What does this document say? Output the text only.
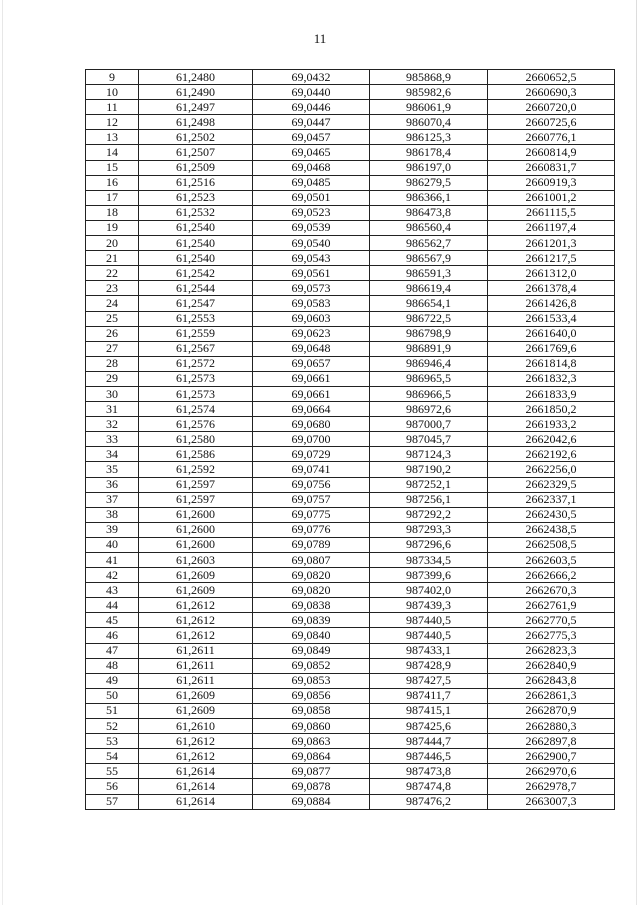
11
9	61,2480	69,0432	985868,9	2660652,5
10	61,2490	69,0440	985982,6	2660690,3
11	61,2497	69,0446	986061,9	2660720,0
12	61,2498	69,0447	986070,4	2660725,6
13	61,2502	69,0457	986125,3	2660776,1
14	61,2507	69,0465	986178,4	2660814,9
15	61,2509	69,0468	986197,0	2660831,7
16	61,2516	69,0485	986279,5	2660919,3
17	61,2523	69,0501	986366,1	2661001,2
18	61,2532	69,0523	986473,8	2661115,5
19	61,2540	69,0539	986560,4	2661197,4
20	61,2540	69,0540	986562,7	2661201,3
21	61,2540	69,0543	986567,9	2661217,5
22	61,2542	69,0561	986591,3	2661312,0
23	61,2544	69,0573	986619,4	2661378,4
24	61,2547	69,0583	986654,1	2661426,8
25	61,2553	69,0603	986722,5	2661533,4
26	61,2559	69,0623	986798,9	2661640,0
27	61,2567	69,0648	986891,9	2661769,6
28	61,2572	69,0657	986946,4	2661814,8
29	61,2573	69,0661	986965,5	2661832,3
30	61,2573	69,0661	986966,5	2661833,9
31	61,2574	69,0664	986972,6	2661850,2
32	61,2576	69,0680	987000,7	2661933,2
33	61,2580	69,0700	987045,7	2662042,6
34	61,2586	69,0729	987124,3	2662192,6
35	61,2592	69,0741	987190,2	2662256,0
36	61,2597	69,0756	987252,1	2662329,5
37	61,2597	69,0757	987256,1	2662337,1
38	61,2600	69,0775	987292,2	2662430,5
39	61,2600	69,0776	987293,3	2662438,5
40	61,2600	69,0789	987296,6	2662508,5
41	61,2603	69,0807	987334,5	2662603,5
42	61,2609	69,0820	987399,6	2662666,2
43	61,2609	69,0820	987402,0	2662670,3
44	61,2612	69,0838	987439,3	2662761,9
45	61,2612	69,0839	987440,5	2662770,5
46	61,2612	69,0840	987440,5	2662775,3
47	61,2611	69,0849	987433,1	2662823,3
48	61,2611	69,0852	987428,9	2662840,9
49	61,2611	69,0853	987427,5	2662843,8
50	61,2609	69,0856	987411,7	2662861,3
51	61,2609	69,0858	987415,1	2662870,9
52	61,2610	69,0860	987425,6	2662880,3
53	61,2612	69,0863	987444,7	2662897,8
54	61,2612	69,0864	987446,5	2662900,7
55	61,2614	69,0877	987473,8	2662970,6
56	61,2614	69,0878	987474,8	2662978,7
57	61,2614	69,0884	987476,2	2663007,3
